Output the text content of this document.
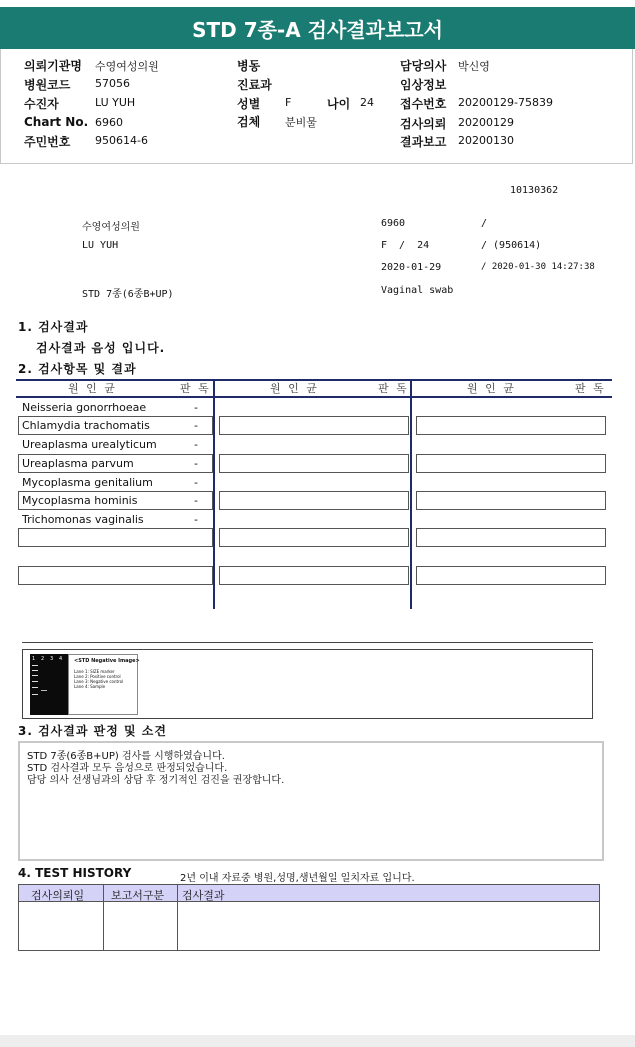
STD 7종-A 검사결과보고서
의뢰기관명 수영여성의원
병원코드 57056
수진자	LU YUH
Chart No. 6960
주민번호 950614-6
병동
진료과
성별 F
검체 분비물
나이 24
담당의사 박신영
임상정보
접수번호 20200129-75839
검사의뢰 20200129
결과보고 20200130
10130362
수영여성의원	6960	/
LU YUH	F  /  24	/ (950614)
2020-01-29	/ 2020-01-30 14:27:38
STD 7종(6종B+UP)	Vaginal swab
1. 검사결과
검사결과 음성 입니다.
2. 검사항목 및 결과
원 인 균	판 독	원 인 균	판 독	원 인 균	판 독
Neisseria gonorrhoeae	-
Chlamydia trachomatis	-
Ureaplasma urealyticum	-
Ureaplasma parvum	-
Mycoplasma genitalium	-
Mycoplasma hominis	-
Trichomonas vaginalis	-
1 2 3 4 <STD Negative Image>
Lane 1: SIZE marker
Lane 2: Positive control
Lane 3: Negative control
Lane 4: Sample
3. 검사결과 판정 및 소견
STD 7종(6종B+UP) 검사를 시행하였습니다.
STD 검사결과 모두 음성으로 판정되었습니다.
담당 의사 선생님과의 상담 후 정기적인 검진을 권장합니다.
4. TEST HISTORY	2년 이내 자료중 병원,성명,생년월일 일치자료 입니다.
검사의뢰일 보고서구분 검사결과
